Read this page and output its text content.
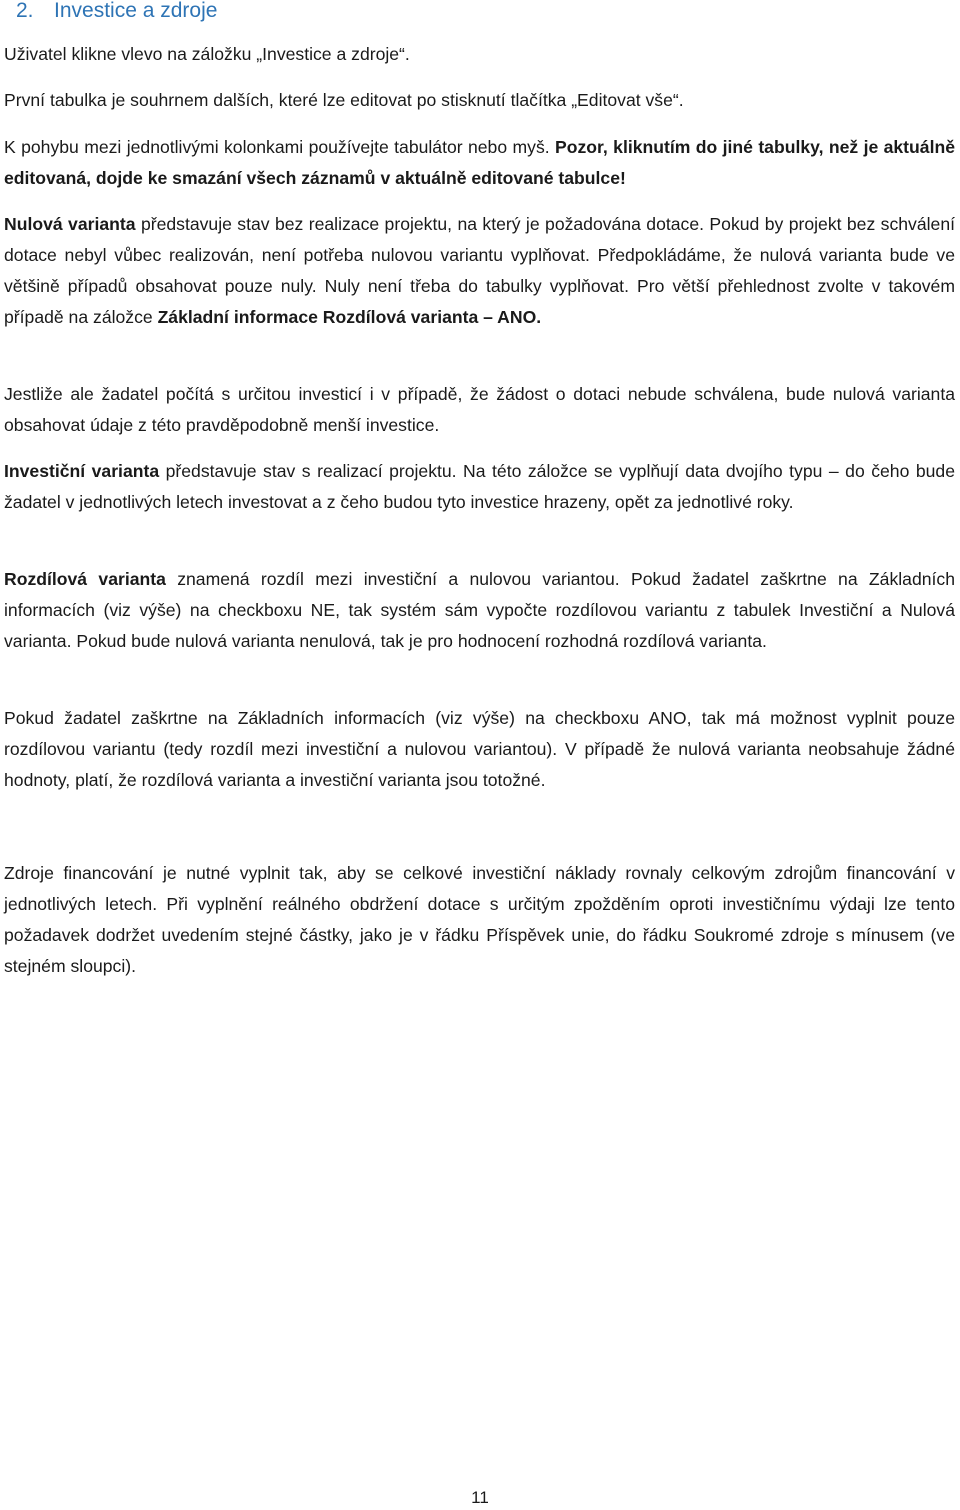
2. Investice a zdroje

Uživatel klikne vlevo na záložku „Investice a zdroje“.

První tabulka je souhrnem dalších, které lze editovat po stisknutí tlačítka „Editovat vše“.

K pohybu mezi jednotlivými kolonkami používejte tabulátor nebo myš. Pozor, kliknutím do jiné tabulky, než je aktuálně editovaná, dojde ke smazání všech záznamů v aktuálně editované tabulce!

Nulová varianta představuje stav bez realizace projektu, na který je požadována dotace. Pokud by projekt bez schválení dotace nebyl vůbec realizován, není potřeba nulovou variantu vyplňovat. Předpokládáme, že nulová varianta bude ve většině případů obsahovat pouze nuly. Nuly není třeba do tabulky vyplňovat. Pro větší přehlednost zvolte v takovém případě na záložce Základní informace Rozdílová varianta – ANO.

Jestliže ale žadatel počítá s určitou investicí i v případě, že žádost o dotaci nebude schválena, bude nulová varianta obsahovat údaje z této pravděpodobně menší investice.

Investiční varianta představuje stav s realizací projektu. Na této záložce se vyplňují data dvojího typu – do čeho bude žadatel v jednotlivých letech investovat a z čeho budou tyto investice hrazeny, opět za jednotlivé roky.

Rozdílová varianta znamená rozdíl mezi investiční a nulovou variantou. Pokud žadatel zaškrtne na Základních informacích (viz výše) na checkboxu NE, tak systém sám vypočte rozdílovou variantu z tabulek Investiční a Nulová varianta. Pokud bude nulová varianta nenulová, tak je pro hodnocení rozhodná rozdílová varianta.

Pokud žadatel zaškrtne na Základních informacích (viz výše) na checkboxu ANO, tak má možnost vyplnit pouze rozdílovou variantu (tedy rozdíl mezi investiční a nulovou variantou). V případě že nulová varianta neobsahuje žádné hodnoty, platí, že rozdílová varianta a investiční varianta jsou totožné.

Zdroje financování je nutné vyplnit tak, aby se celkové investiční náklady rovnaly celkovým zdrojům financování v jednotlivých letech. Při vyplnění reálného obdržení dotace s určitým zpožděním oproti investičnímu výdaji lze tento požadavek dodržet uvedením stejné částky, jako je v řádku Příspěvek unie, do řádku Soukromé zdroje s mínusem (ve stejném sloupci).

11
